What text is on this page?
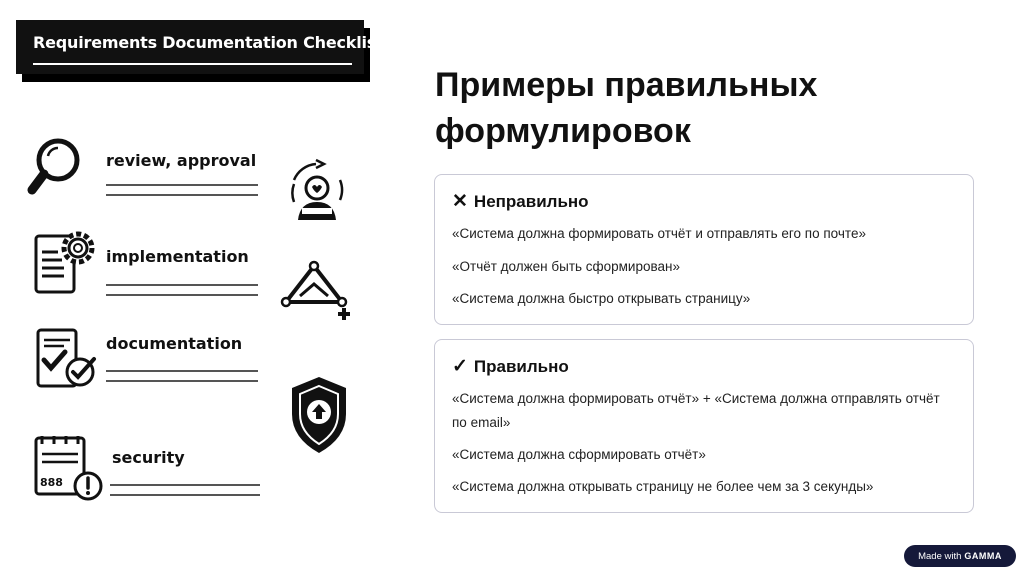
Requirements Documentation Checklist
review, approval
implementation
documentation
888
security
Примеры правильных
формулировок
✕ Неправильно

«Система должна формировать отчёт и отправлять его по почте»

«Отчёт должен быть сформирован»

«Система должна быстро открывать страницу»

✓ Правильно

«Система должна формировать отчёт» + «Система должна отправлять отчёт по email»

«Система должна сформировать отчёт»

«Система должна открывать страницу не более чем за 3 секунды»

Made with GAMMA
